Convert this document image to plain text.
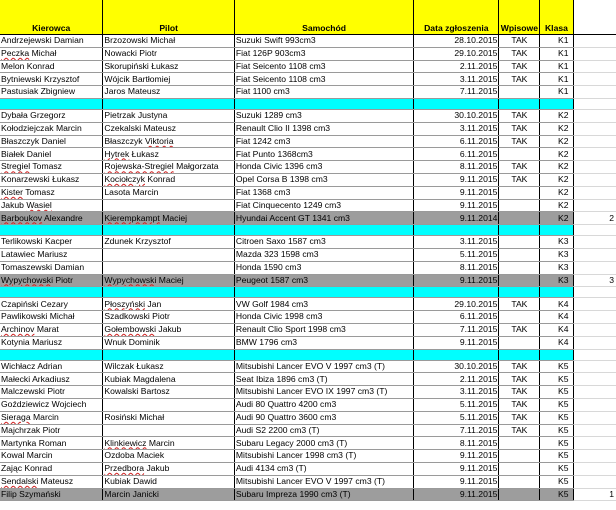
Kierowca	Pilot	Samochód	Data zgłoszenia	Wpisowe	Klasa	
Andrzejewski Damian	Brzozowski Michał	Suzuki Swift 993cm3	28.10.2015	TAK	K1	
Peczka Michał	Nowacki Piotr	Fiat 126P 903cm3	29.10.2015	TAK	K1	
Melon Konrad	Skorupiński Łukasz	Fiat Seicento 1108 cm3	2.11.2015	TAK	K1	
Bytniewski Krzysztof	Wójcik Bartłomiej	Fiat Seicento 1108 cm3	3.11.2015	TAK	K1	
Pastusiak Zbigniew	Jaros Mateusz	Fiat 1100 cm3	7.11.2015		K1	

Dybała Grzegorz	Pietrzak Justyna	Suzuki 1289 cm3	30.10.2015	TAK	K2	
Kołodziejczak Marcin	Czekalski Mateusz	Renault Clio II 1398 cm3	3.11.2015	TAK	K2	
Błaszczyk Daniel	Błaszczyk Viktoria	Fiat 1242 cm3	6.11.2015	TAK	K2	
Białek Daniel	Hytrek Łukasz	Fiat Punto 1368cm3	6.11.2015		K2	
Stregiel Tomasz	Rojewska-Stregiel Małgorzata	Honda Civic 1396 cm3	8.11.2015	TAK	K2	
Konarzewski Łukasz	Kociołczyk Konrad	Opel Corsa B 1398 cm3	9.11.2015	TAK	K2	
Kister Tomasz	Lasota Marcin	Fiat 1368 cm3	9.11.2015		K2	
Jakub Wasiel		Fiat Cinquecento 1249 cm3	9.11.2015		K2	
Barboukov Alexandre	Kierempkampt Maciej	Hyundai Accent GT 1341 cm3	9.11.2014		K2	2

Terlikowski Kacper	Zdunek Krzysztof	Citroen Saxo 1587 cm3	3.11.2015		K3	
Latawiec Mariusz		Mazda 323 1598 cm3	5.11.2015		K3	
Tomaszewski Damian		Honda 1590 cm3	8.11.2015		K3	
Wypychowski Piotr	Wypychowski Maciej	Peugeot 1587 cm3	9.11.2015		K3	3

Czapiński Cezary	Płoszyński Jan	VW Golf 1984 cm3	29.10.2015	TAK	K4	
Pawlikowski Michał	Szadkowski Piotr	Honda Civic 1998 cm3	6.11.2015		K4	
Archinov Marat	Gołembowski Jakub	Renault Clio Sport 1998 cm3	7.11.2015	TAK	K4	
Kotynia Mariusz	Wnuk Dominik	BMW 1796 cm3	9.11.2015		K4	

Wichłacz Adrian	Wilczak Łukasz	Mitsubishi Lancer EVO V 1997 cm3 (T)	30.10.2015	TAK	K5	
Małecki Arkadiusz	Kubiak Magdalena	Seat Ibiza 1896 cm3 (T)	2.11.2015	TAK	K5	
Malczewski Piotr	Kowalski Bartosz	Mitsubishi Lancer EVO IX 1997 cm3 (T)	3.11.2015	TAK	K5	
Goździewicz Wojciech		Audi 80 Quattro 4200 cm3	5.11.2015	TAK	K5	
Sieraga Marcin	Rosiński Michał	Audi 90 Quattro 3600 cm3	5.11.2015	TAK	K5	
Majchrzak Piotr		Audi S2 2200 cm3 (T)	7.11.2015	TAK	K5	
Martynka Roman	Klinkiewicz Marcin	Subaru Legacy 2000 cm3 (T)	8.11.2015		K5	
Kowal Marcin	Ozdoba Maciek	Mitsubishi Lancer 1998 cm3 (T)	9.11.2015		K5	
Zając Konrad	Przedbora Jakub	Audi 4134 cm3 (T)	9.11.2015		K5	
Sendalski Mateusz	Kubiak Dawid	Mitsubishi Lancer EVO V 1997 cm3 (T)	9.11.2015		K5	
Filip Szymański	Marcin Janicki	Subaru Impreza 1990 cm3 (T)	9.11.2015		K5	1
